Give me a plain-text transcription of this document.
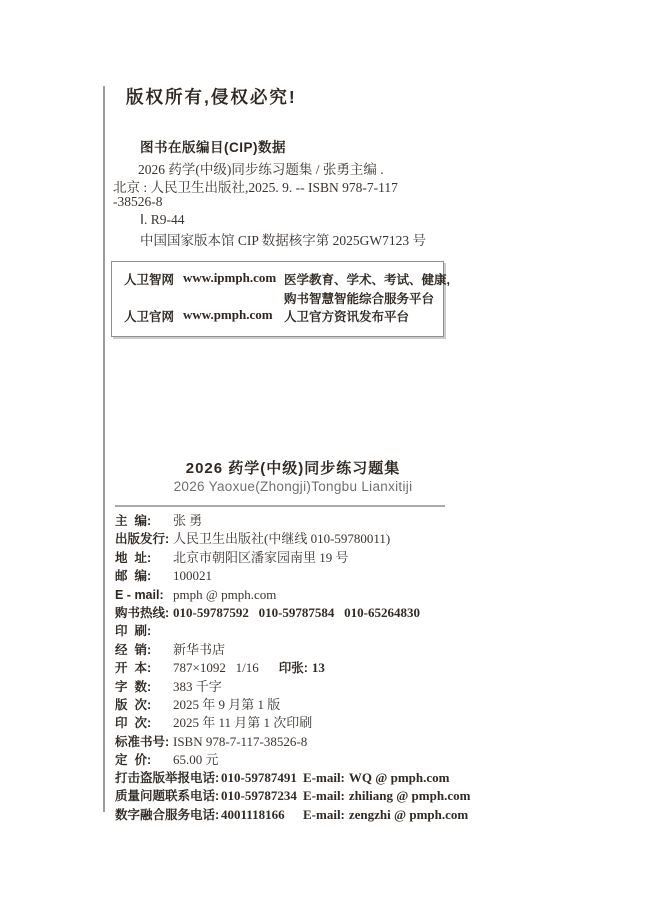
版权所有,侵权必究!
图书在版编目(CIP)数据
2026 药学(中级)同步练习题集 / 张勇主编 .
北京 : 人民卫生出版社,2025. 9. -- ISBN 978-7-117
-38526-8
Ⅰ. R9-44
中国国家版本馆 CIP 数据核字第 2025GW7123 号
人卫智网 www.ipmph.com 医学教育、学术、考试、健康,
购书智慧智能综合服务平台
人卫官网 www.pmph.com 人卫官方资讯发布平台
2026 药学(中级)同步练习题集
2026 Yaoxue(Zhongji)Tongbu Lianxitiji
主  编: 张 勇
出版发行: 人民卫生出版社(中继线 010-59780011)
地  址: 北京市朝阳区潘家园南里 19 号
邮  编: 100021
E - mail: pmph @ pmph.com
购书热线: 010-59787592   010-59787584   010-65264830
印  刷:
经  销: 新华书店
开  本: 787×1092   1/16 印张: 13
字  数: 383 千字
版  次: 2025 年 9 月第 1 版
印  次: 2025 年 11 月第 1 次印刷
标准书号: ISBN 978-7-117-38526-8
定  价: 65.00 元
打击盗版举报电话: 010-59787491 E-mail: WQ @ pmph.com
质量问题联系电话: 010-59787234 E-mail: zhiliang @ pmph.com
数字融合服务电话: 4001118166 E-mail: zengzhi @ pmph.com
